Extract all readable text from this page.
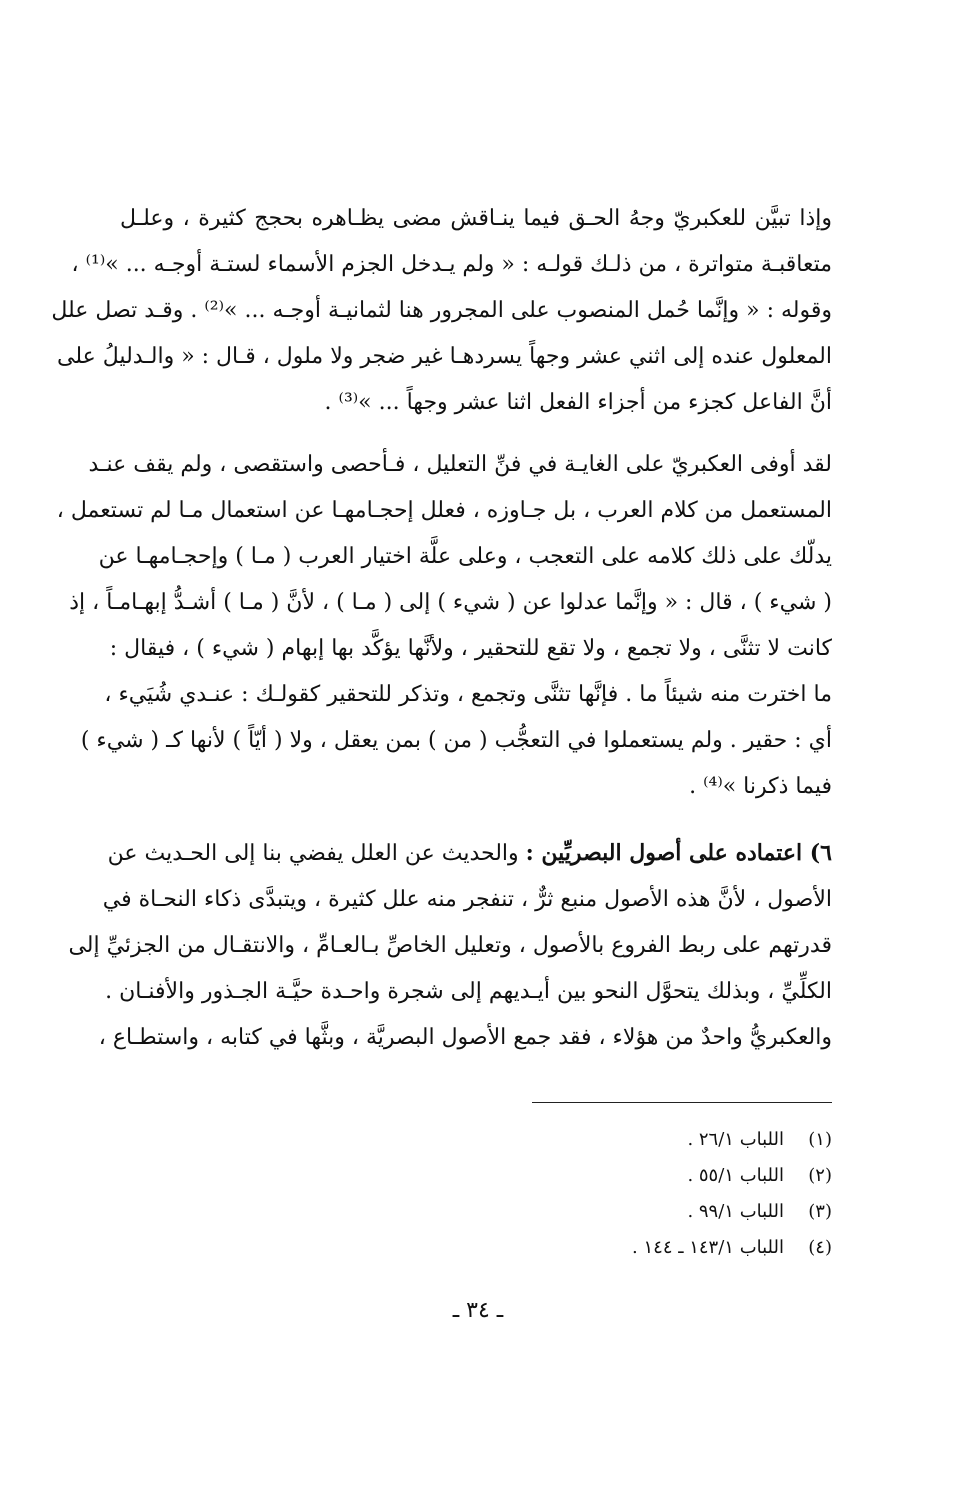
وإذا تبيَّن للعكبريّ وجهُ الحـق فيما ينـاقش مضى يظـاهره بحجج كثيرة ، وعلـل
متعاقبـة متواترة ، من ذلـك قولـه : « ولم يـدخل الجزم الأسماء لستـة أوجـه ... »⁽¹⁾ ،
وقوله : « وإنَّما حُمل المنصوب على المجرور هنا لثمانيـة أوجـه ... »⁽²⁾ . وقـد تصل علل
المعلول عنده إلى اثني عشر وجهاً يسردهـا غير ضجر ولا ملول ، قـال : « والـدليلُ على
أنَّ الفاعل كجزء من أجزاء الفعل اثنا عشر وجهاً ... »⁽³⁾ .
لقد أوفى العكبريّ على الغايـة في فنِّ التعليل ، فـأحصى واستقصى ، ولم يقف عنـد
المستعمل من كلام العرب ، بل جـاوزه ، فعلل إحجـامهـا عن استعمال مـا لم تستعمل ،
يدلّك على ذلك كلامه على التعجب ، وعلى علَّة اختيار العرب ( مـا ) وإحجـامهـا عن
( شيء ) ، قال : « وإنَّما عدلوا عن ( شيء ) إلى ( مـا ) ، لأنَّ ( مـا ) أشـدُّ إبهـامـاً ، إذ
كانت لا تثنَّى ، ولا تجمع ، ولا تقع للتحقير ، ولأنَّها يؤكَّد بها إبهام ( شيء ) ، فيقال :
ما اخترت منه شيئاً ما . فإنَّها تثنَّى وتجمع ، وتذكر للتحقير كقولـك : عنـدي شُيَيء ،
أي : حقير . ولم يستعملوا في التعجُّب ( من ) بمن يعقل ، ولا ( أيّاً ) لأنها كـ ( شيء )
فيما ذكرنا »⁽⁴⁾ .
٦) اعتماده على أصول البصريِّين : والحديث عن العلل يفضي بنا إلى الحـديث عن
الأصول ، لأنَّ هذه الأصول منبع ثرٌّ ، تنفجر منه علل كثيرة ، ويتبدَّى ذكاء النحـاة في
قدرتهم على ربط الفروع بالأصول ، وتعليل الخاصِّ بـالعـامِّ ، والانتقـال من الجزئيِّ إلى
الكلِّيِّ ، وبذلك يتحوَّل النحو بين أيـديهم إلى شجرة واحـدة حيَّـة الجـذور والأفنـان .
والعكبريُّ واحدٌ من هؤلاء ، فقد جمع الأصول البصريَّة ، وبثَّها في كتابه ، واستطـاع ،
(١)
اللباب ٢٦/١ .
(٢)
اللباب ٥٥/١ .
(٣)
اللباب ٩٩/١ .
(٤)
اللباب ١٤٣/١ ـ ١٤٤ .
ـ ٣٤ ـ
